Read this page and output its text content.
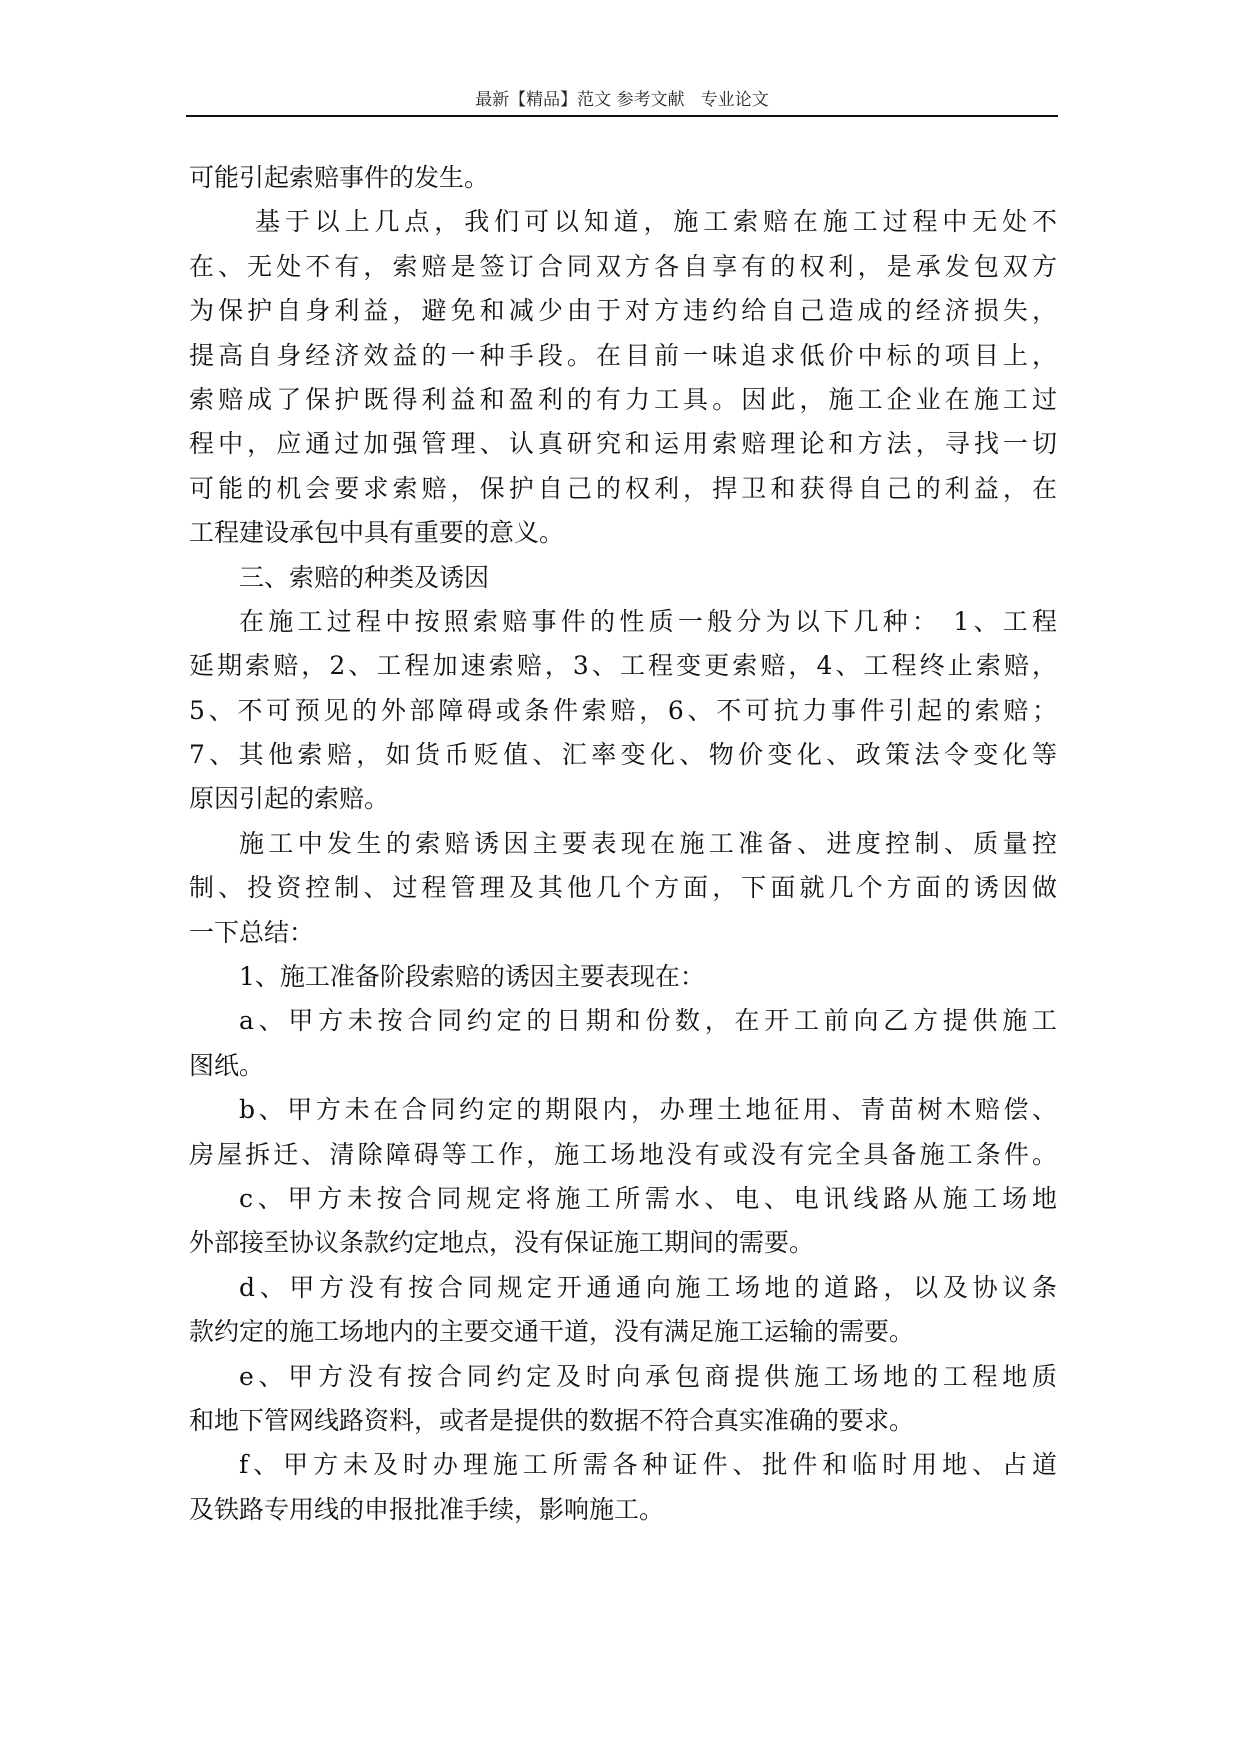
最新【精品】范文 参考文献   专业论文
可能引起索赔事件的发生。
基于以上几点，我们可以知道，施工索赔在施工过程中无处不
在、无处不有，索赔是签订合同双方各自享有的权利，是承发包双方
为保护自身利益，避免和减少由于对方违约给自己造成的经济损失，
提高自身经济效益的一种手段。在目前一味追求低价中标的项目上，
索赔成了保护既得利益和盈利的有力工具。因此，施工企业在施工过
程中，应通过加强管理、认真研究和运用索赔理论和方法，寻找一切
可能的机会要求索赔，保护自己的权利，捍卫和获得自己的利益，在
工程建设承包中具有重要的意义。
三、索赔的种类及诱因
在施工过程中按照索赔事件的性质一般分为以下几种： 1、工程
延期索赔，2、工程加速索赔，3、工程变更索赔，4、工程终止索赔，
5、不可预见的外部障碍或条件索赔，6、不可抗力事件引起的索赔；
7、其他索赔，如货币贬值、汇率变化、物价变化、政策法令变化等
原因引起的索赔。
施工中发生的索赔诱因主要表现在施工准备、进度控制、质量控
制、投资控制、过程管理及其他几个方面，下面就几个方面的诱因做
一下总结：
1、施工准备阶段索赔的诱因主要表现在：
a、甲方未按合同约定的日期和份数，在开工前向乙方提供施工
图纸。
b、甲方未在合同约定的期限内，办理土地征用、青苗树木赔偿、
房屋拆迁、清除障碍等工作，施工场地没有或没有完全具备施工条件。
c、甲方未按合同规定将施工所需水、电、电讯线路从施工场地
外部接至协议条款约定地点，没有保证施工期间的需要。
d、甲方没有按合同规定开通通向施工场地的道路，以及协议条
款约定的施工场地内的主要交通干道，没有满足施工运输的需要。
e、甲方没有按合同约定及时向承包商提供施工场地的工程地质
和地下管网线路资料，或者是提供的数据不符合真实准确的要求。
f、甲方未及时办理施工所需各种证件、批件和临时用地、占道
及铁路专用线的申报批准手续，影响施工。
